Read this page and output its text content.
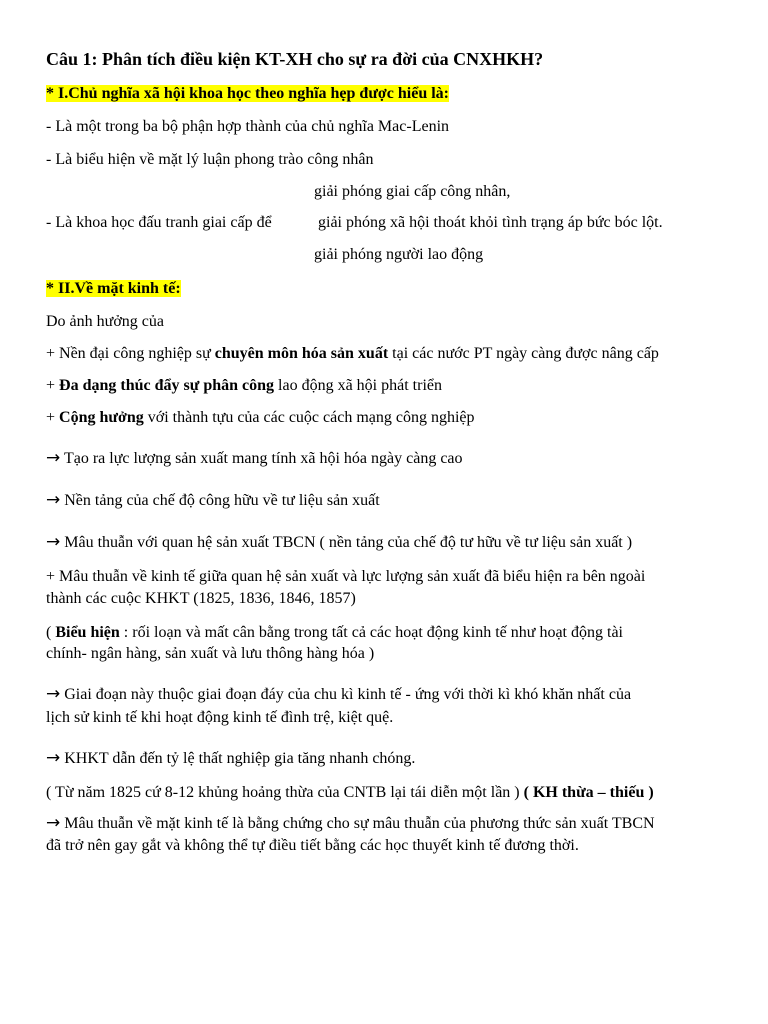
Câu 1: Phân tích điều kiện KT-XH cho sự ra đời của CNXHKH?
* I.Chủ nghĩa xã hội khoa học theo nghĩa hẹp được hiểu là:
- Là một trong ba bộ phận hợp thành của chủ nghĩa Mac-Lenin
- Là biểu hiện về mặt lý luận phong trào công nhân
giải phóng giai cấp công nhân,
- Là khoa học đấu tranh giai cấp để	giải phóng xã hội thoát khỏi tình trạng áp bức bóc lột.
giải phóng người lao động
* II.Về mặt kinh tế:
Do ảnh hưởng của
+ Nền đại công nghiệp sự chuyên môn hóa sản xuất tại các nước PT ngày càng được nâng cấp
+ Đa dạng thúc đẩy sự phân công lao động xã hội phát triển
+ Cộng hưởng với thành tựu của các cuộc cách mạng công nghiệp
→ Tạo ra lực lượng sản xuất mang tính xã hội hóa ngày càng cao
→ Nền tảng của chế độ công hữu về tư liệu sản xuất
→ Mâu thuẫn với quan hệ sản xuất TBCN ( nền tảng của chế độ tư hữu về tư liệu sản xuất )
+ Mâu thuẫn về kinh tế giữa quan hệ sản xuất và lực lượng sản xuất đã biểu hiện ra bên ngoài
thành các cuộc KHKT (1825, 1836, 1846, 1857)
( Biểu hiện : rối loạn và mất cân bằng trong tất cả các hoạt động kinh tế như hoạt động tài
chính- ngân hàng, sản xuất và lưu thông hàng hóa )
→ Giai đoạn này thuộc giai đoạn đáy của chu kì kinh tế - ứng với thời kì khó khăn nhất của
lịch sử kinh tế khi hoạt động kinh tế đình trệ, kiệt quệ.
→ KHKT dẫn đến tỷ lệ thất nghiệp gia tăng nhanh chóng.
( Từ năm 1825 cứ 8-12 khủng hoảng thừa của CNTB lại tái diễn một lần ) ( KH thừa – thiếu )
→ Mâu thuẫn về mặt kinh tế là bằng chứng cho sự mâu thuẫn của phương thức sản xuất TBCN
đã trở nên gay gắt và không thể tự điều tiết bằng các học thuyết kinh tế đương thời.
